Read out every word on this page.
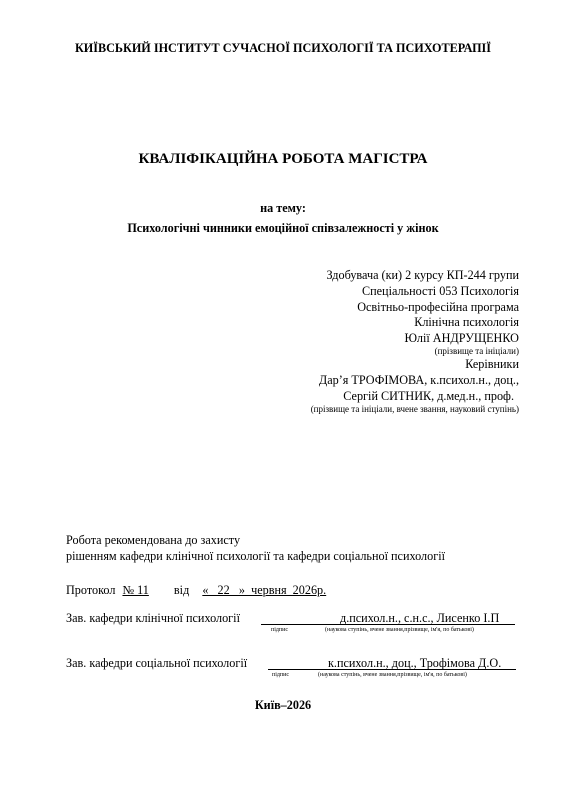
КИЇВСЬКИЙ ІНСТИТУТ СУЧАСНОЇ ПСИХОЛОГІЇ ТА ПСИХОТЕРАПІЇ
КВАЛІФІКАЦІЙНА РОБОТА МАГІСТРА
на тему:
Психологічні чинники емоційної співзалежності у жінок
Здобувача (ки) 2 курсу КП-244 групи
Спеціальності 053 Психологія
Освітньо-професійна програма
Клінічна психологія
Юлії АНДРУЩЕНКО
(прізвище та ініціали)
Керівники
Дар’я ТРОФІМОВА, к.психол.н., доц.,
Сергій СИТНИК, д.мед.н., проф.
(прізвище та ініціали, вчене звання, науковий ступінь)
Робота рекомендована до захисту
рішенням кафедри клінічної психології та кафедри соціальної психології
Протокол № 11 від «   22   »  червня  2026р.
Зав. кафедри клінічної психології	д.психол.н., с.н.с., Лисенко І.П
підпис	(наукова ступінь, вчене звання,прізвище, ім'я, по батькові)
Зав. кафедри соціальної психології	к.психол.н., доц., Трофімова Д.О.
підпис	(наукова ступінь, вчене звання,прізвище, ім'я, по батькові)
Київ–2026
